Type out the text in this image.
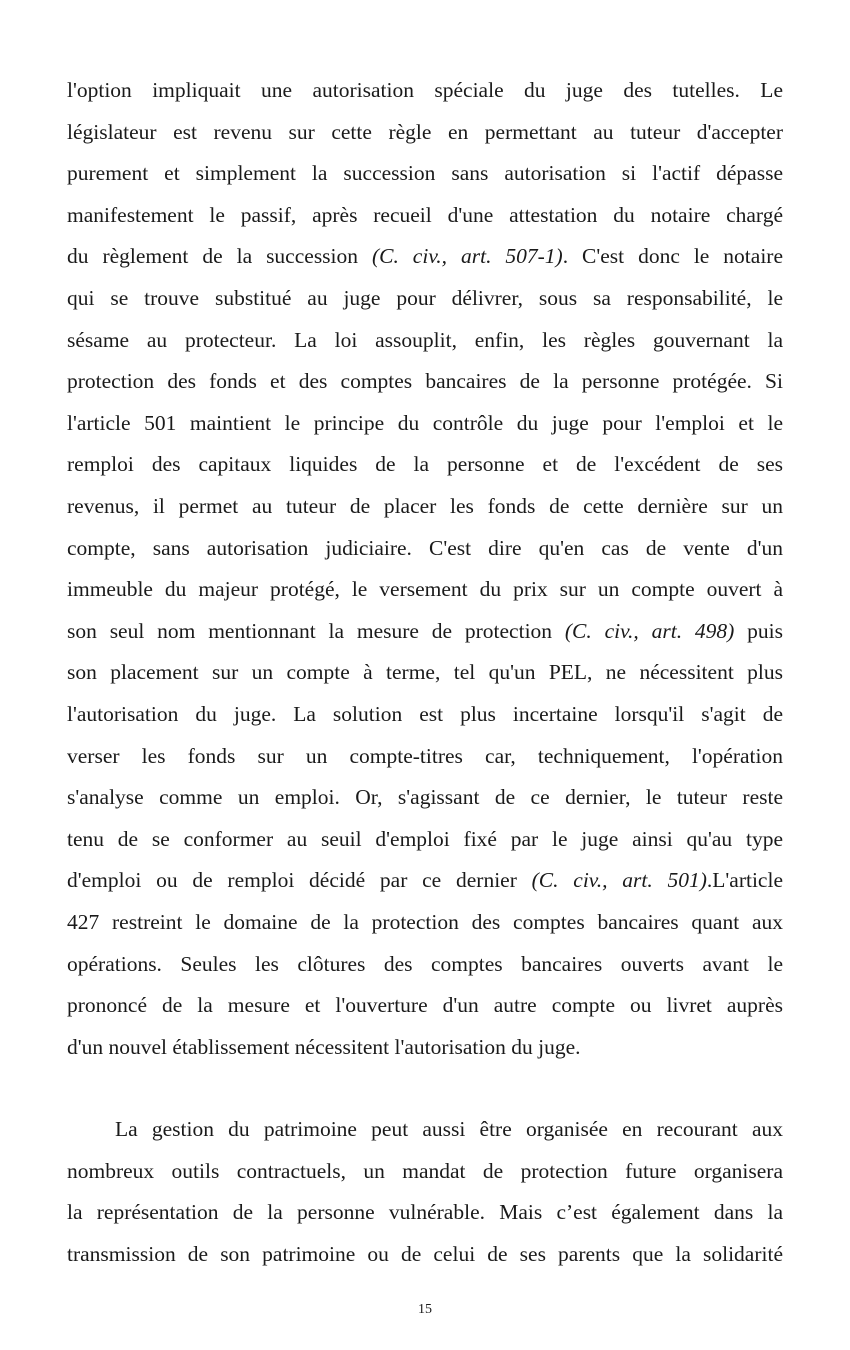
l'option impliquait une autorisation spéciale du juge des tutelles. Le
législateur est revenu sur cette règle en permettant au tuteur d'accepter
purement et simplement la succession sans autorisation si l'actif dépasse
manifestement le passif, après recueil d'une attestation du notaire chargé
du règlement de la succession (C. civ., art. 507-1). C'est donc le notaire
qui se trouve substitué au juge pour délivrer, sous sa responsabilité, le
sésame au protecteur. La loi assouplit, enfin, les règles gouvernant la
protection des fonds et des comptes bancaires de la personne protégée. Si
l'article 501 maintient le principe du contrôle du juge pour l'emploi et le
remploi des capitaux liquides de la personne et de l'excédent de ses
revenus, il permet au tuteur de placer les fonds de cette dernière sur un
compte, sans autorisation judiciaire. C'est dire qu'en cas de vente d'un
immeuble du majeur protégé, le versement du prix sur un compte ouvert à
son seul nom mentionnant la mesure de protection (C. civ., art. 498) puis
son placement sur un compte à terme, tel qu'un PEL, ne nécessitent plus
l'autorisation du juge. La solution est plus incertaine lorsqu'il s'agit de
verser les fonds sur un compte-titres car, techniquement, l'opération
s'analyse comme un emploi. Or, s'agissant de ce dernier, le tuteur reste
tenu de se conformer au seuil d'emploi fixé par le juge ainsi qu'au type
d'emploi ou de remploi décidé par ce dernier (C. civ., art. 501).L'article
427 restreint le domaine de la protection des comptes bancaires quant aux
opérations. Seules les clôtures des comptes bancaires ouverts avant le
prononcé de la mesure et l'ouverture d'un autre compte ou livret auprès
d'un nouvel établissement nécessitent l'autorisation du juge.
La gestion du patrimoine peut aussi être organisée en recourant aux
nombreux outils contractuels, un mandat de protection future organisera
la représentation de la personne vulnérable. Mais c’est également dans la
transmission de son patrimoine ou de celui de ses parents que la solidarité
15
